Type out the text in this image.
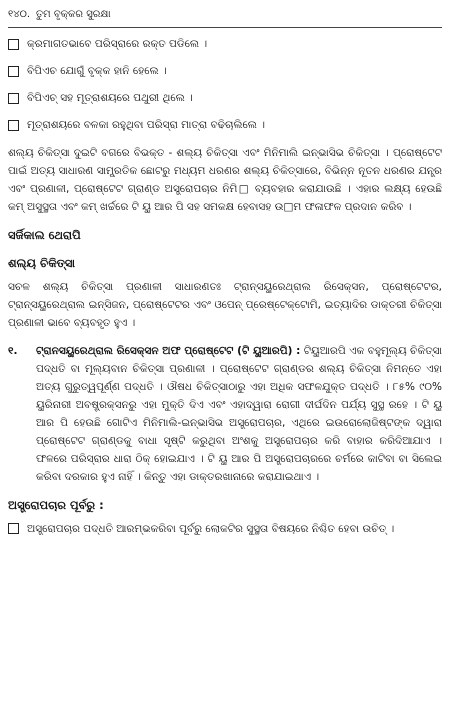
୧୪୦. ତୁମ ବୃକ୍କର ସୁରକ୍ଷା
କ୍ରମାଗତଭାବେ ପରିସ୍ରାରେ ରକ୍ତ ପଡିଲେ ।
ବିପିଏଚ ଯୋଗୁଁ ବୃକ୍କ ହାନି ହେଲେ ।
ବିପିଏଚ୍ ସହ ମୂତ୍ରାଶୟରେ ପଥୁରୀ ଥିଲେ ।
ମୂତ୍ରାଶୟରେ ବଳକା ରହୁଥିବା ପରିସ୍ରା ମାତ୍ରା ବଢିଚାଲିଲେ ।

ଶଲ୍ୟ ଚିକିତ୍ସା ଦୁଇଟି ବଗରେ ବିଭକ୍ତ - ଶଲ୍ୟ ଚିକିତ୍ସା ଏବଂ ମିନିମାଲି ଇନ୍‌ଭାସିଭ ଚିକିତ୍ସା । ପ୍ରୋଷ୍ଟେଟ ପାଇଁ ଅତ୍ୟ ସାଧାରଣ ସାମ୍ପ୍ରତିକ ଛୋଟରୁ ମଧ୍ୟମ ଧରଣର ଶଲ୍ୟ ଚିକିତ୍ସାରେ, ବିଭିନ୍ନ ନୂତନ ଧରଣର ଯନ୍ତ୍ର ଏବଂ ପ୍ରଣାଳୀ, ପ୍ରୋଷ୍ଟେଟ ଗ୍ରାଣ୍ଡ ଅସ୍ତ୍ରୋପଚାର ନିମି□ ବ୍ୟବହାର କରାଯାଉଛି । ଏହାର ଲକ୍ଷ୍ୟ ହେଉଛି କମ୍ ଅସୁସ୍ଥତା ଏବଂ କମ୍ ଖର୍ଚ୍ଚରେ ଟି ୟୁ ଆର ପି ସହ ସମକକ୍ଷ ହେବାସହ ଉ□ମ ଫଳାଫଳ ପ୍ରଦାନ କରିବ ।

ସର୍ଜିକାଲ ଥେରାପି
ଶଲ୍ୟ ଚିକିତ୍ସା

ସଚଳ ଶଲ୍ୟ ଚିକିତ୍ସା ପ୍ରଣାଳୀ ସାଧାରଣତଃ ଟ୍ରାନ୍‌ସୟୁରେଥ୍ରାଲ ରିସେକ୍‌ସନ, ପ୍ରୋଷ୍ଟେଟର, ଟ୍ରାନ୍‌ସୟୁରେଥ୍ରାଲ ଇନ୍‌ସିଜନ, ପ୍ରୋଷ୍ଟେଟର ଏବଂ ଓପେନ୍ ପ୍ରେଷ୍ଟେକ୍ଟୋମି, ଇତ୍ୟାଦିର ଡାକ୍ତରୀ ଚିକିତ୍ସା ପ୍ରଣାଳୀ ଭାବେ ବ୍ୟବହୃତ ହୁଏ ।

୧.	ଟ୍ରାନସୟୁରେଥ୍ରାଲ ରିସେକ୍‌ସନ ଅଫ ପ୍ରୋଷ୍ଟେଟ (ଟି ୟୁଆରପି) : ଟିୟୁଆରପି ଏକ ବହୁମୂଲ୍ୟ ଚିକିତ୍ସା ପଦ୍ଧତି ବା ମୂଲ୍ୟବାନ ଚିକିତ୍ସା ପ୍ରଣାଳୀ । ପ୍ରୋଷ୍ଟେଟ ଗ୍ରାଣ୍ଡର ଶଲ୍ୟ ଚିକିତ୍ସା ନିମନ୍ତେ ଏହା ଅତ୍ୟ ଗୁରୁତ୍ୱପୂର୍ଣ୍ଣ ପଦ୍ଧତି । ଔଷଧ ଚିକିତ୍ସାଠାରୁ ଏହା ଅଧିକ ସଫଳଯୁକ୍ତ ପଦ୍ଧତି । ୮୫% ୯୦% ୟୁରିନାରୀ ଅବଷ୍ଟ୍ରକ୍‌ସନରୁ ଏହା ମୁକ୍ତି ଦିଏ ଏବଂ ଏହାଦ୍ୱାରା ରୋଗୀ ଦୀର୍ଘଦିନ ପର୍ଯ୍ୟ ସୁସ୍ଥ ରହେ । ଟି ୟୁ ଆର ପି ହେଉଛି ଗୋଟିଏ ମିନିମାଲି-ଇନ୍‌ଭାସିଭ ଅସ୍ତ୍ରୋପଚାର, ଏଥିରେ ଇଉରୋଲୋଜିଷ୍ଟଙ୍କ ଦ୍ୱାରା ପ୍ରୋଷ୍ଟେଟ ଗ୍ରାଣ୍ଡକୁ ବାଧା ସୃଷ୍ଟି କରୁଥିବା ଅଂଶକୁ ଅସ୍ତ୍ରୋପଚାର କରି ବାହାର କରିଦିଆଯାଏ । ଫଳରେ ପରିସ୍ରାର ଧାରା ଠିକ୍ ହୋଇଯାଏ । ଟି ୟୁ ଆର ପି ଅସ୍ତ୍ରୋପଚାରରେ ଚର୍ମରେ କାଟିବା ବା ସିଲେଇ କରିବା ଦରକାର ହୁଏ ନାହିଁ । କିନ୍ତୁ ଏହା ଡାକ୍ତରଖାନାରେ କରାଯାଇଥାଏ ।
ଅସ୍ତ୍ରୋପଚାର ପୂର୍ବରୁ :
ଅସ୍ତ୍ରୋପଚାର ପଦ୍ଧତି ଆରମ୍ଭକରିବା ପୂର୍ବରୁ ଲୋକଟିର ସୁସ୍ଥତା ବିଷୟରେ ନିଶ୍ଚିତ ହେବା ଉଚିତ୍ ।
